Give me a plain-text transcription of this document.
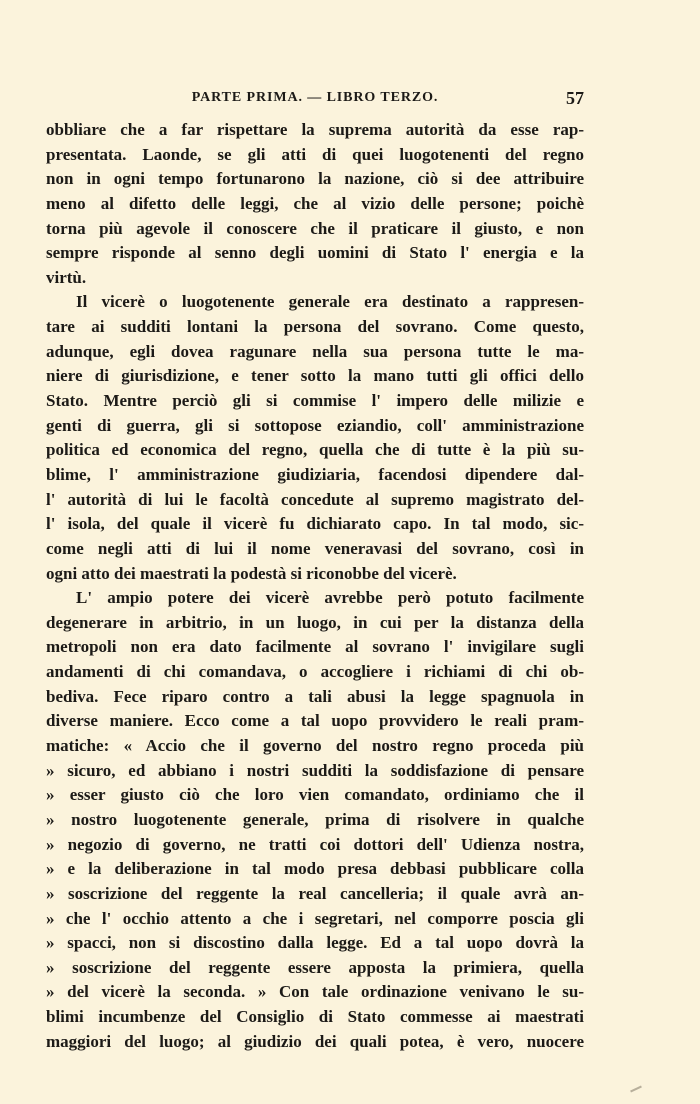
PARTE PRIMA. — LIBRO TERZO.	57
obbliare che a far rispettare la suprema autorità da esse rap-
presentata. Laonde, se gli atti di quei luogotenenti del regno
non in ogni tempo fortunarono la nazione, ciò si dee attribuire
meno al difetto delle leggi, che al vizio delle persone; poichè
torna più agevole il conoscere che il praticare il giusto, e non
sempre risponde al senno degli uomini di Stato l' energia e la
virtù.
Il vicerè o luogotenente generale era destinato a rappresen-
tare ai sudditi lontani la persona del sovrano. Come questo,
adunque, egli dovea ragunare nella sua persona tutte le ma-
niere di giurisdizione, e tener sotto la mano tutti gli offici dello
Stato. Mentre perciò gli si commise l' impero delle milizie e
genti di guerra, gli si sottopose eziandio, coll' amministrazione
politica ed economica del regno, quella che di tutte è la più su-
blime, l' amministrazione giudiziaria, facendosi dipendere dal-
l' autorità di lui le facoltà concedute al supremo magistrato del-
l' isola, del quale il vicerè fu dichiarato capo. In tal modo, sic-
come negli atti di lui il nome veneravasi del sovrano, così in
ogni atto dei maestrati la podestà si riconobbe del vicerè.
L' ampio potere dei vicerè avrebbe però potuto facilmente
degenerare in arbitrio, in un luogo, in cui per la distanza della
metropoli non era dato facilmente al sovrano l' invigilare sugli
andamenti di chi comandava, o accogliere i richiami di chi ob-
bediva. Fece riparo contro a tali abusi la legge spagnuola in
diverse maniere. Ecco come a tal uopo provvidero le reali pram-
matiche: « Accio che il governo del nostro regno proceda più
» sicuro, ed abbiano i nostri sudditi la soddisfazione di pensare
» esser giusto ciò che loro vien comandato, ordiniamo che il
» nostro luogotenente generale, prima di risolvere in qualche
» negozio di governo, ne tratti coi dottori dell' Udienza nostra,
» e la deliberazione in tal modo presa debbasi pubblicare colla
» soscrizione del reggente la real cancelleria; il quale avrà an-
» che l' occhio attento a che i segretari, nel comporre poscia gli
» spacci, non si discostino dalla legge. Ed a tal uopo dovrà la
» soscrizione del reggente essere apposta la primiera, quella
» del vicerè la seconda. » Con tale ordinazione venivano le su-
blimi incumbenze del Consiglio di Stato commesse ai maestrati
maggiori del luogo; al giudizio dei quali potea, è vero, nuocere
